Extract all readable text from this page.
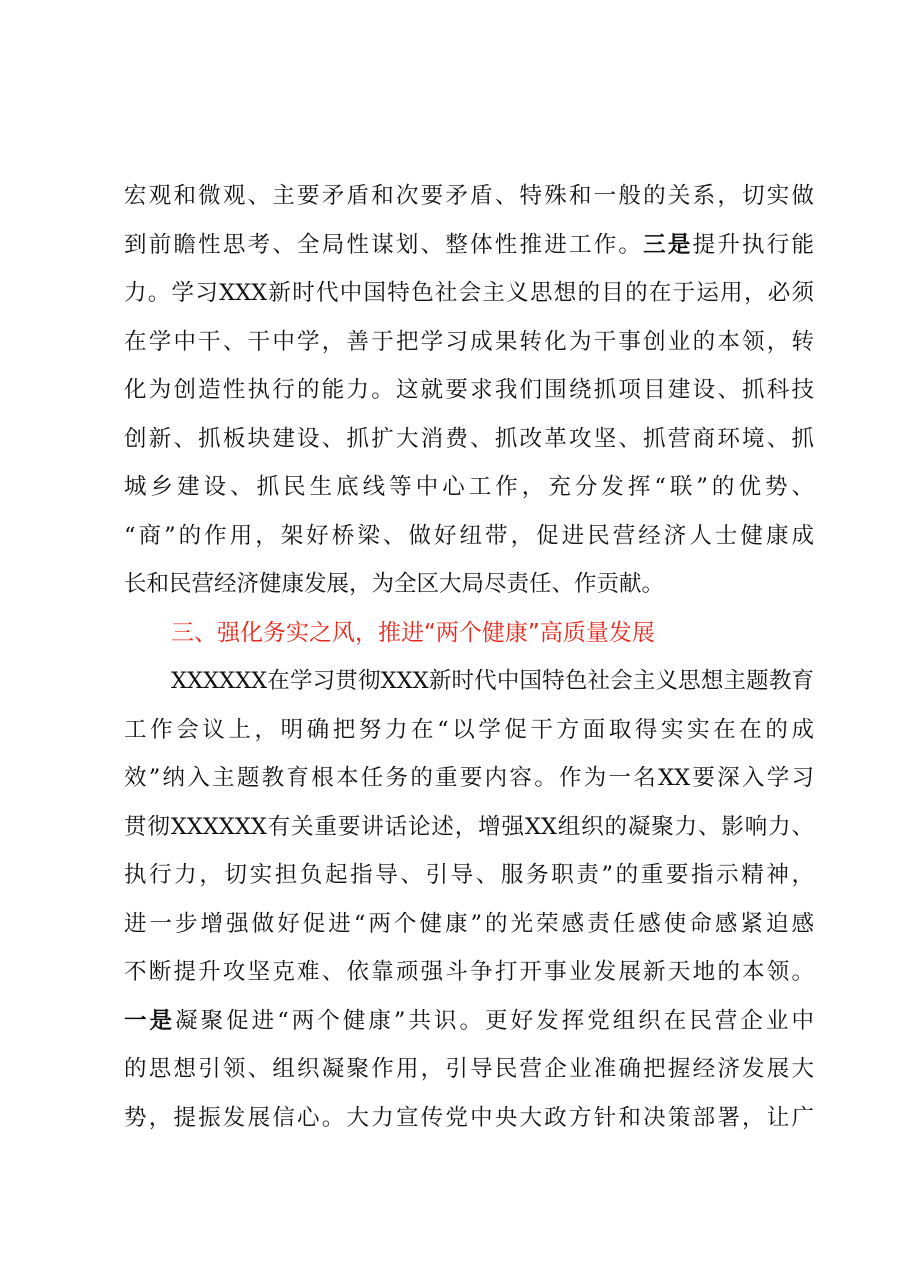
宏观和微观、主要矛盾和次要矛盾、特殊和一般的关系，切实做
到前瞻性思考、全局性谋划、整体性推进工作。三是提升执行能
力。学习XXX新时代中国特色社会主义思想的目的在于运用，必须
在学中干、干中学，善于把学习成果转化为干事创业的本领，转
化为创造性执行的能力。这就要求我们围绕抓项目建设、抓科技
创新、抓板块建设、抓扩大消费、抓改革攻坚、抓营商环境、抓
城乡建设、抓民生底线等中心工作，充分发挥“联”的优势、
“商”的作用，架好桥梁、做好纽带，促进民营经济人士健康成
长和民营经济健康发展，为全区大局尽责任、作贡献。
三、强化务实之风，推进“两个健康”高质量发展
XXXXXX在学习贯彻XXX新时代中国特色社会主义思想主题教育
工作会议上，明确把努力在“以学促干方面取得实实在在的成
效”纳入主题教育根本任务的重要内容。作为一名XX要深入学习
贯彻XXXXXX有关重要讲话论述，增强XX组织的凝聚力、影响力、
执行力，切实担负起指导、引导、服务职责”的重要指示精神，
进一步增强做好促进“两个健康”的光荣感责任感使命感紧迫感
不断提升攻坚克难、依靠顽强斗争打开事业发展新天地的本领。
一是凝聚促进“两个健康”共识。更好发挥党组织在民营企业中
的思想引领、组织凝聚作用，引导民营企业准确把握经济发展大
势，提振发展信心。大力宣传党中央大政方针和决策部署，让广
